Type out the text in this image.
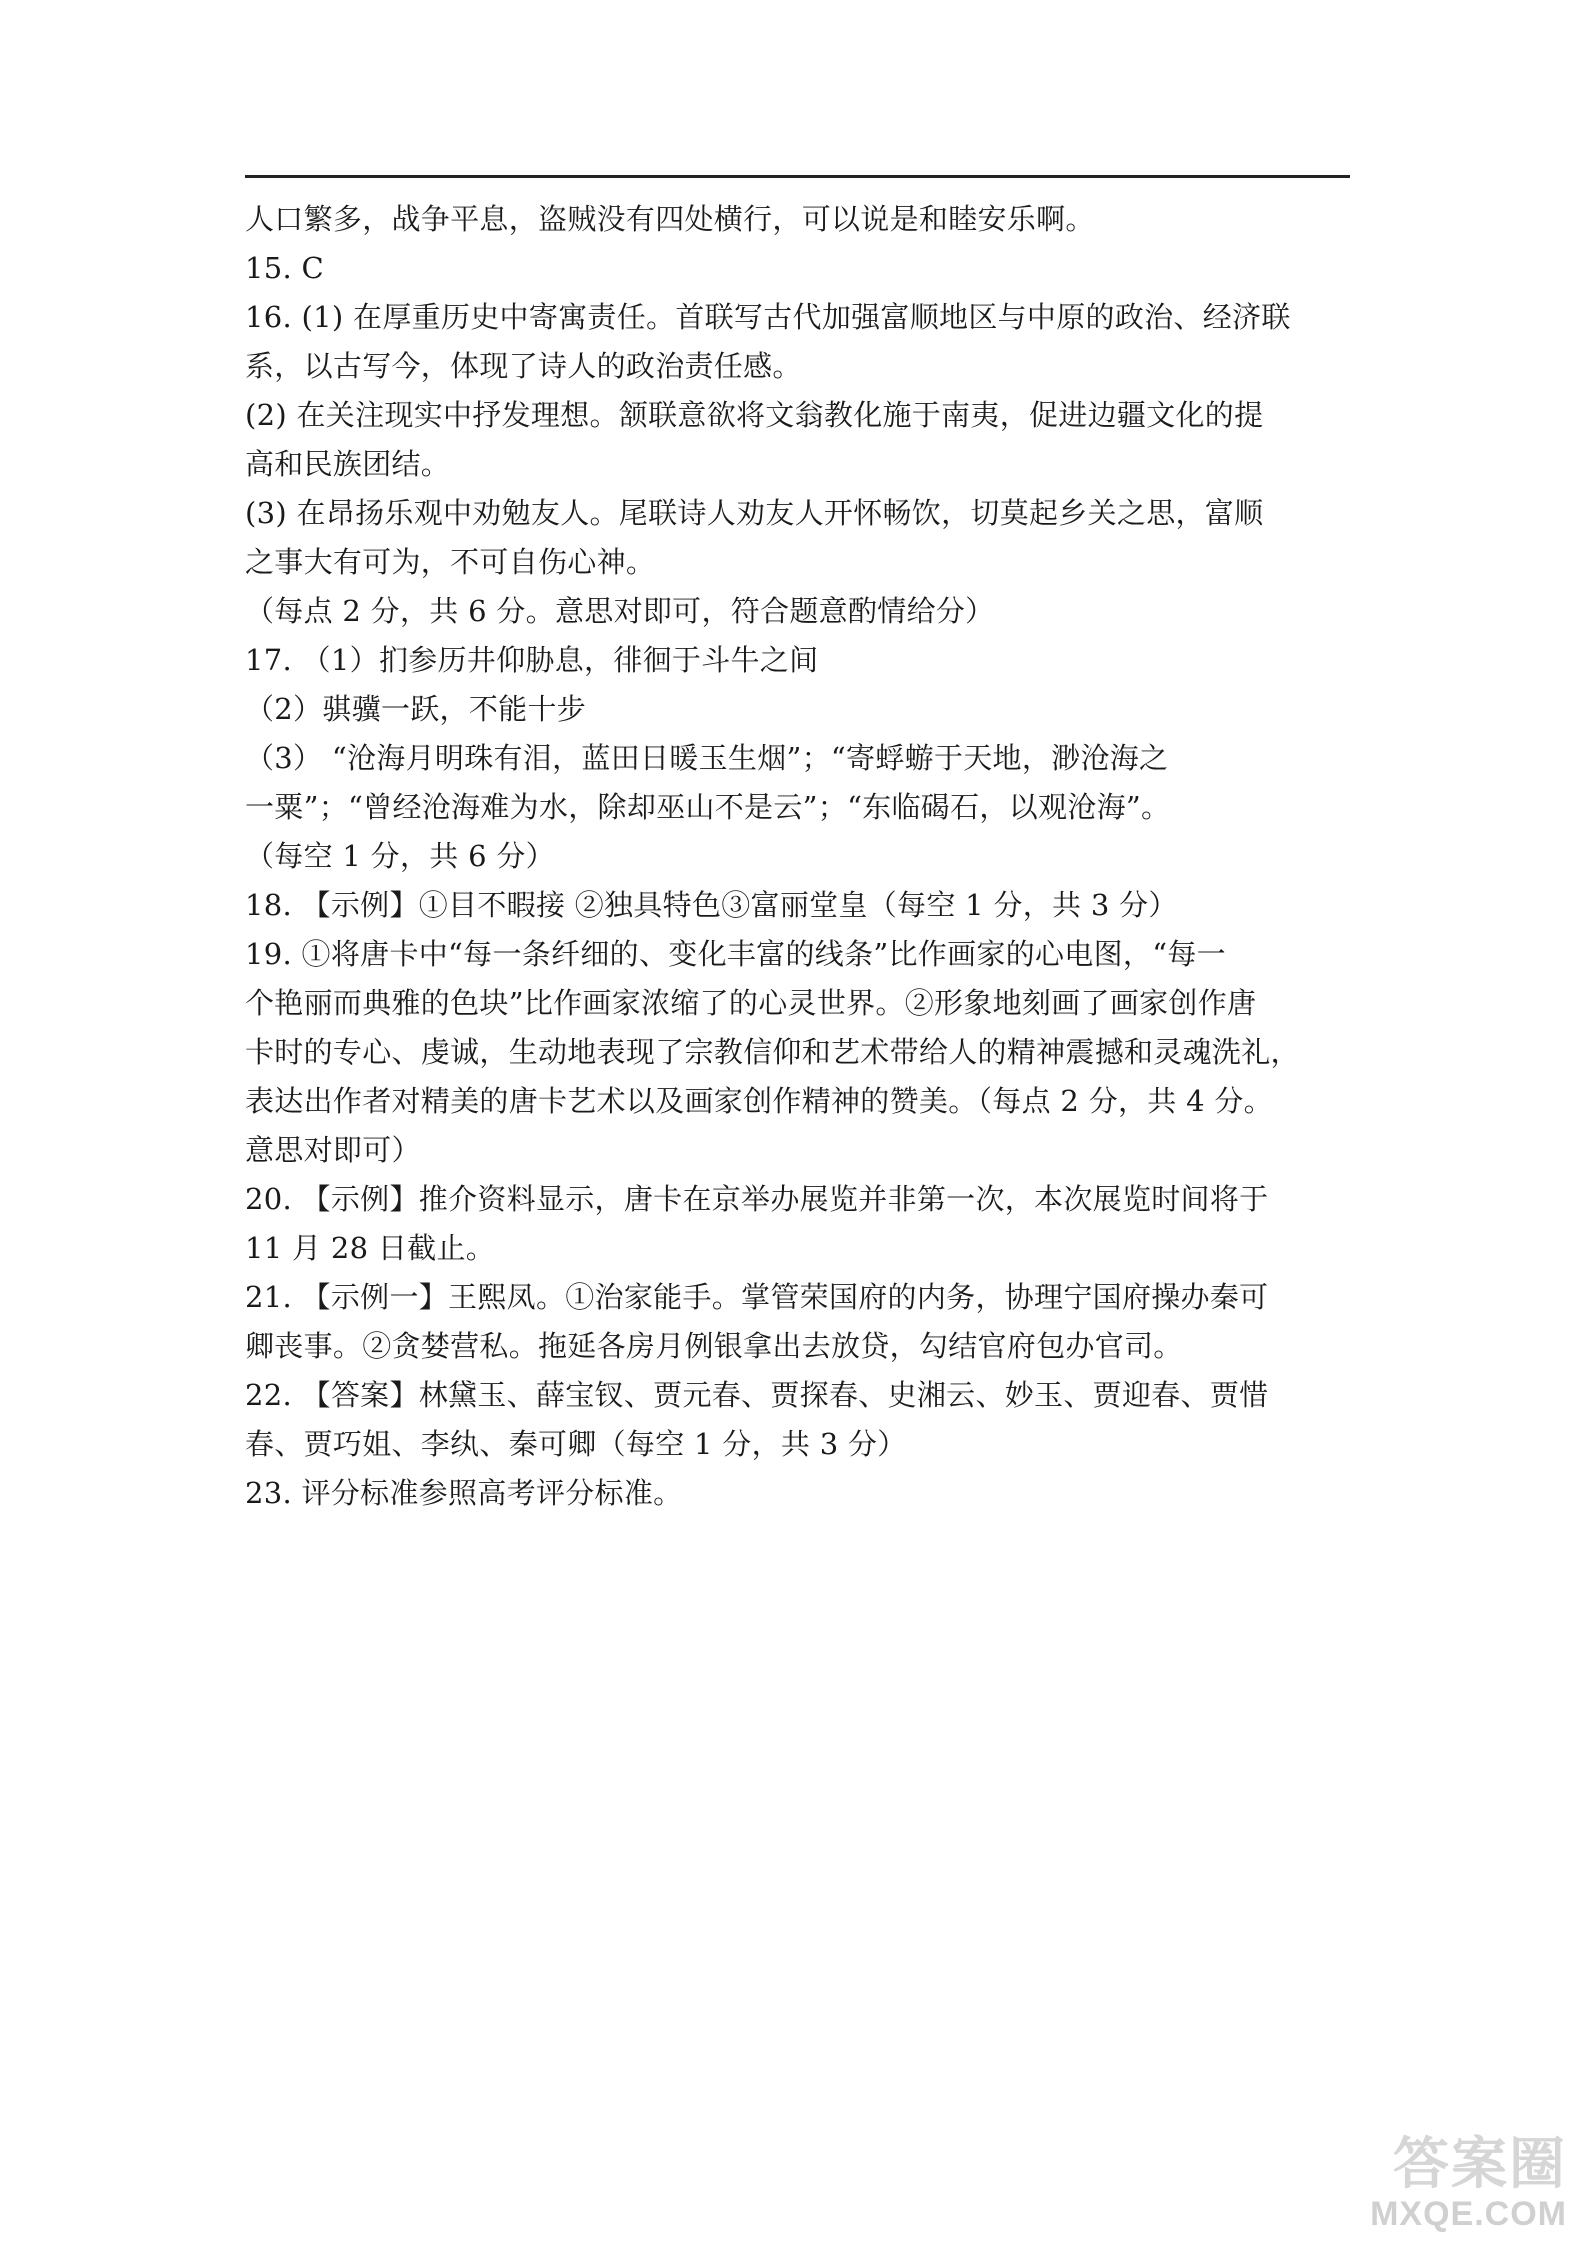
人口繁多，战争平息，盗贼没有四处横行，可以说是和睦安乐啊。
15. C
16. (1) 在厚重历史中寄寓责任。首联写古代加强富顺地区与中原的政治、经济联
系，以古写今，体现了诗人的政治责任感。
(2) 在关注现实中抒发理想。颔联意欲将文翁教化施于南夷，促进边疆文化的提
高和民族团结。
(3) 在昂扬乐观中劝勉友人。尾联诗人劝友人开怀畅饮，切莫起乡关之思，富顺
之事大有可为，不可自伤心神。
（每点 2 分，共 6 分。意思对即可，符合题意酌情给分）
17. （1）扪参历井仰胁息，徘徊于斗牛之间
（2）骐骥一跃，不能十步
（3） “沧海月明珠有泪，蓝田日暖玉生烟”；“寄蜉蝣于天地，渺沧海之
一粟”；“曾经沧海难为水，除却巫山不是云”；“东临碣石，以观沧海”。
（每空 1 分，共 6 分）
18. 【示例】①目不暇接 ②独具特色③富丽堂皇（每空 1 分，共 3 分）
19. ①将唐卡中“每一条纤细的、变化丰富的线条”比作画家的心电图，“每一
个艳丽而典雅的色块”比作画家浓缩了的心灵世界。②形象地刻画了画家创作唐
卡时的专心、虔诚，生动地表现了宗教信仰和艺术带给人的精神震撼和灵魂洗礼，
表达出作者对精美的唐卡艺术以及画家创作精神的赞美。（每点 2 分，共 4 分。
意思对即可）
20. 【示例】推介资料显示，唐卡在京举办展览并非第一次，本次展览时间将于
11 月 28 日截止。
21. 【示例一】王熙凤。①治家能手。掌管荣国府的内务，协理宁国府操办秦可
卿丧事。②贪婪营私。拖延各房月例银拿出去放贷，勾结官府包办官司。
22. 【答案】林黛玉、薛宝钗、贾元春、贾探春、史湘云、妙玉、贾迎春、贾惜
春、贾巧姐、李纨、秦可卿（每空 1 分，共 3 分）
23. 评分标准参照高考评分标准。
答案圈
MXQE.COM
